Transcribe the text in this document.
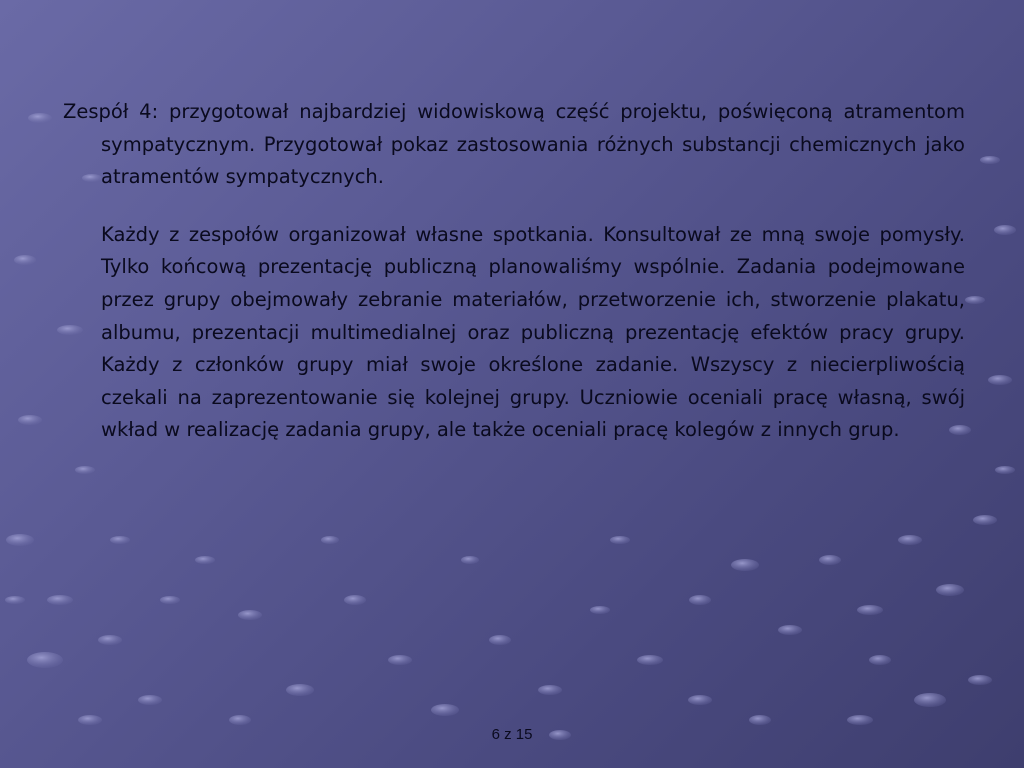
Zespół 4: przygotował najbardziej widowiskową część projektu, poświęconą atramentom sympatycznym. Przygotował pokaz zastosowania różnych substancji chemicznych jako atramentów sympatycznych.

Każdy z zespołów organizował własne spotkania. Konsultował ze mną swoje pomysły. Tylko końcową prezentację publiczną planowaliśmy wspólnie. Zadania podejmowane przez grupy obejmowały zebranie materiałów, przetworzenie ich, stworzenie plakatu, albumu, prezentacji multimedialnej oraz publiczną prezentację efektów pracy grupy. Każdy z członków grupy miał swoje określone zadanie. Wszyscy z niecierpliwością czekali na zaprezentowanie się kolejnej grupy. Uczniowie oceniali pracę własną, swój wkład w realizację zadania grupy, ale także oceniali pracę kolegów z innych grup.

6 z 15
